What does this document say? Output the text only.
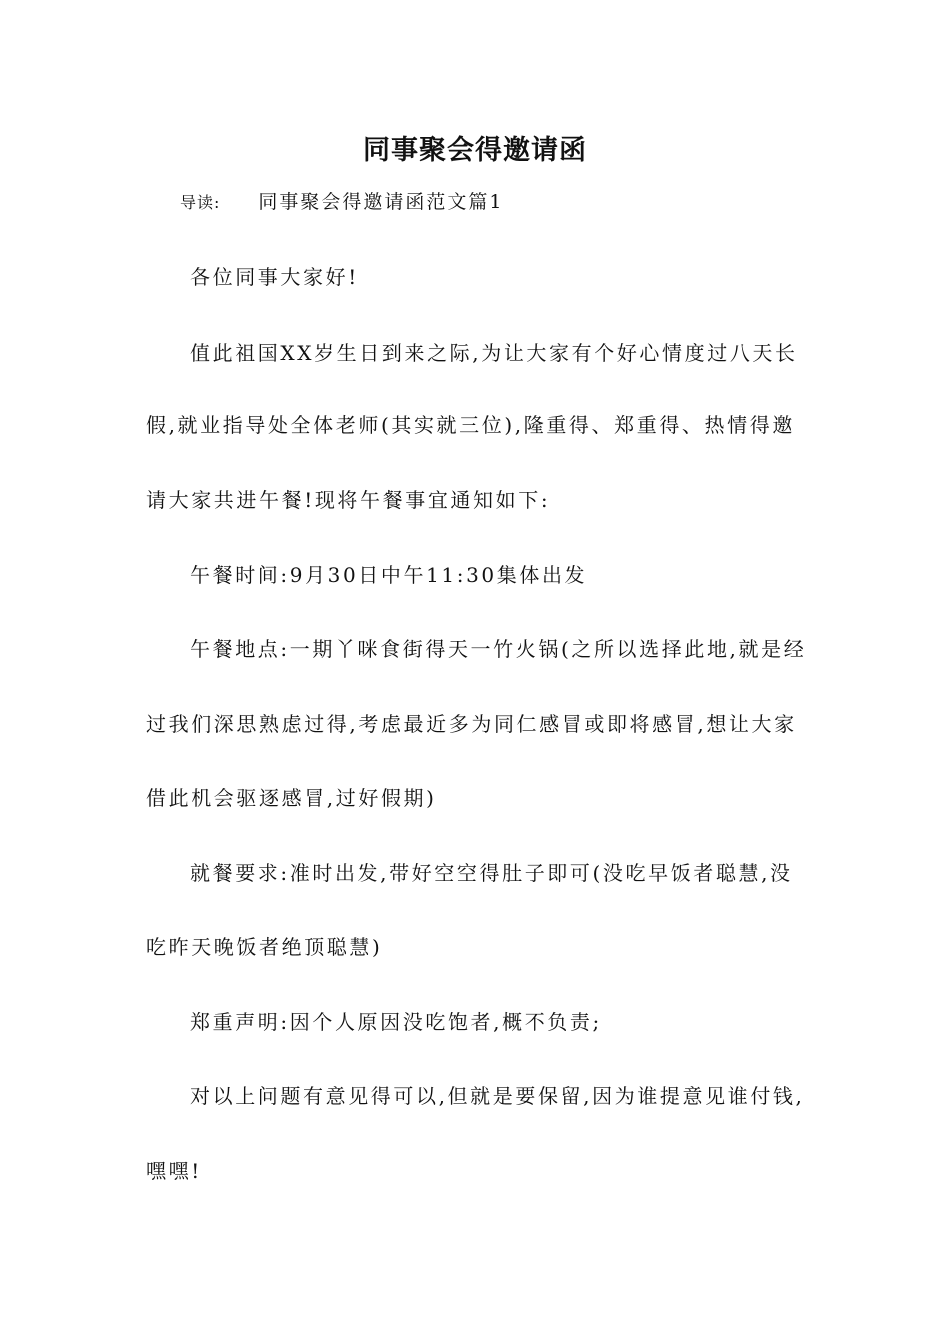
同事聚会得邀请函
导读: 同事聚会得邀请函范文篇1
各位同事大家好!
值此祖国XX岁生日到来之际,为让大家有个好心情度过八天长
假,就业指导处全体老师(其实就三位),隆重得、郑重得、热情得邀
请大家共进午餐!现将午餐事宜通知如下:
午餐时间:9月30日中午11:30集体出发
午餐地点:一期丫咪食街得天一竹火锅(之所以选择此地,就是经
过我们深思熟虑过得,考虑最近多为同仁感冒或即将感冒,想让大家
借此机会驱逐感冒,过好假期)
就餐要求:准时出发,带好空空得肚子即可(没吃早饭者聪慧,没
吃昨天晚饭者绝顶聪慧)
郑重声明:因个人原因没吃饱者,概不负责;
对以上问题有意见得可以,但就是要保留,因为谁提意见谁付钱,
嘿嘿!
